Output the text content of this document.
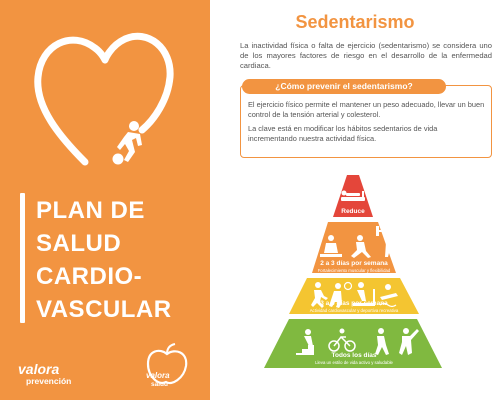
PLAN DE
SALUD
CARDIO-
VASCULAR
valora
prevención
valora
salud
Sedentarismo
La inactividad física o falta de ejercicio (sedentarismo) se considera uno de los mayores factores de riesgo en el desarrollo de la enfermedad cardiaca.
¿Cómo prevenir el sedentarismo?

El ejercicio físico permite el mantener un peso adecuado, llevar un buen control de la tensión arterial y colesterol.

La clave está en modificar los hábitos sedentarios de vida incrementando nuestra actividad física.

Reduce
Sedentarismo
2 a 3 días por semana
Fortalecimiento muscular y flexibilidad
3 a 5 días por semana
Actividad cardiovascular y deportiva recreativa
Todos los días
Lleva un estilo de vida activo y saludable
